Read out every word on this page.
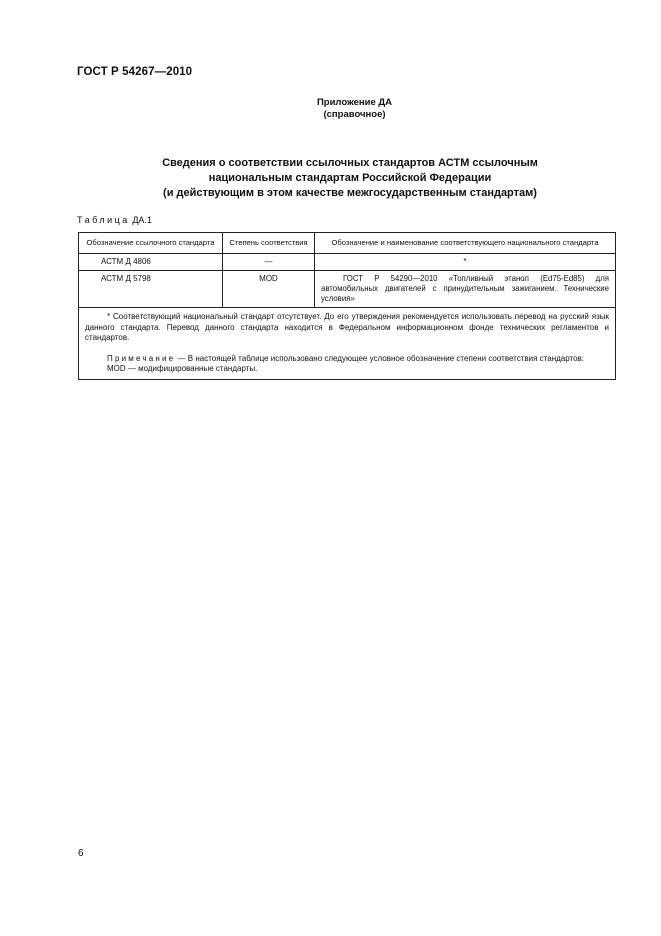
ГОСТ Р 54267—2010
Приложение ДА
(справочное)
Сведения о соответствии ссылочных стандартов АСТМ ссылочным
национальным стандартам Российской Федерации
(и действующим в этом качестве межгосударственным стандартам)
Таблица ДА.1
Обозначение ссылочного стандарта	Степень соответствия	Обозначение и наименование соответствующего национального стандарта
АСТМ Д 4806	—	*
АСТМ Д 5798	MOD	ГОСТ Р 54290—2010 «Топливный этанол (Ed75-Ed85) для автомобильных двигателей с принудительным зажиганием. Технические условия»

* Соответствующий национальный стандарт отсутствует. До его утверждения рекомендуется использовать перевод на русский язык данного стандарта. Перевод данного стандарта находится в Федеральном информационном фонде технических регламентов и стандартов.
Примечание — В настоящей таблице использовано следующее условное обозначение степени соответствия стандартов:
MOD — модифицированные стандарты.		
6
